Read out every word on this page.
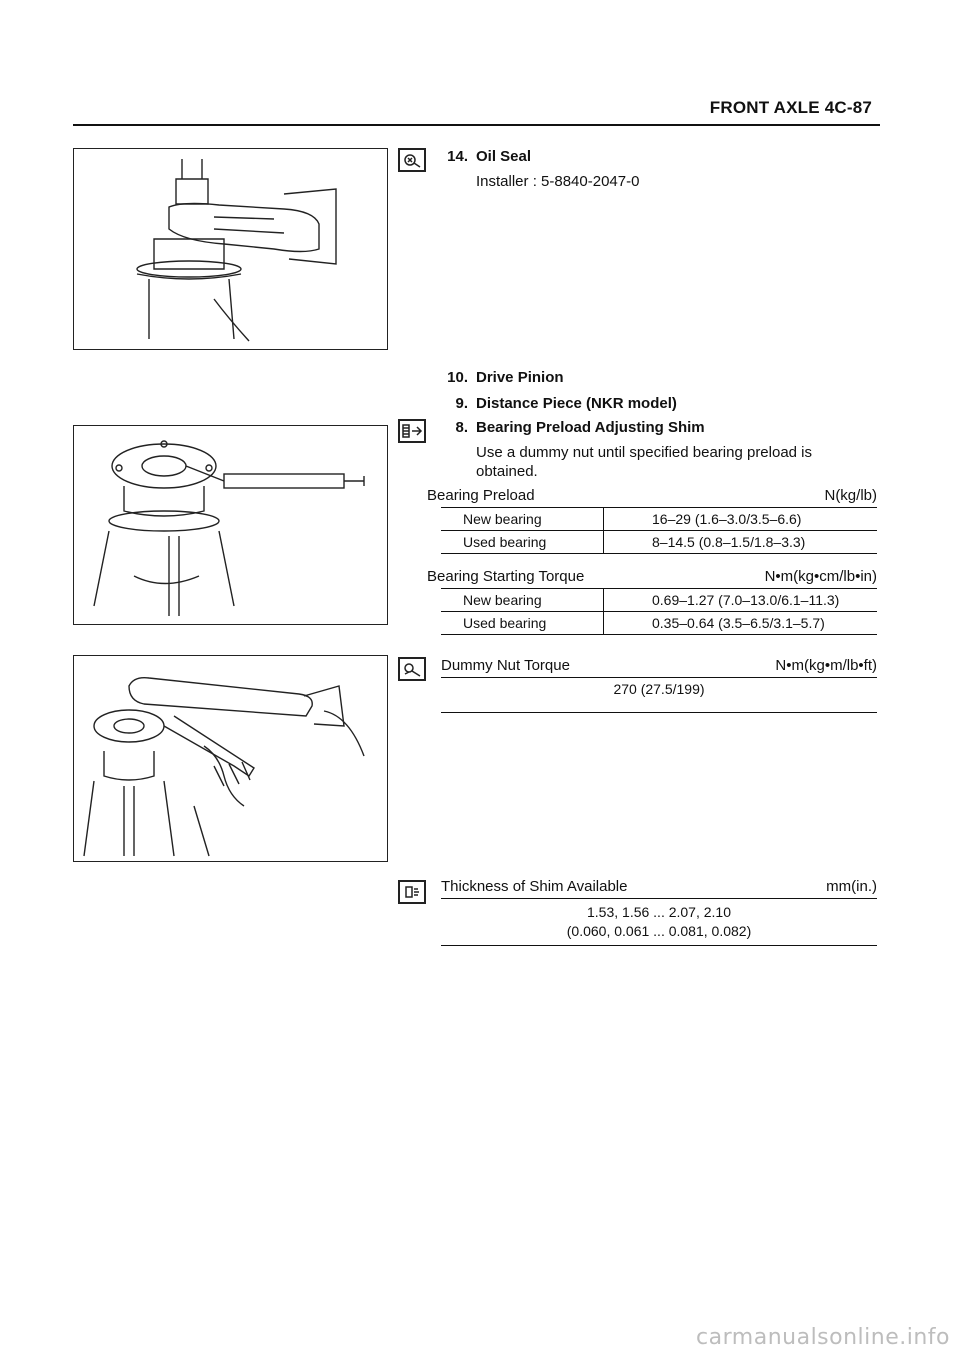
FRONT AXLE 4C-87
14. Oil Seal
Installer : 5-8840-2047-0
10. Drive Pinion
9. Distance Piece (NKR model)
8. Bearing Preload Adjusting Shim
Use a dummy nut until specified bearing preload is
obtained.
Bearing Preload	N(kg/lb)
New bearing	16–29 (1.6–3.0/3.5–6.6)
Used bearing	8–14.5 (0.8–1.5/1.8–3.3)
Bearing Starting Torque	N•m(kg•cm/lb•in)
New bearing	0.69–1.27 (7.0–13.0/6.1–11.3)
Used bearing	0.35–0.64 (3.5–6.5/3.1–5.7)
Dummy Nut Torque	N•m(kg•m/lb•ft)
270 (27.5/199)
Thickness of Shim Available	mm(in.)
1.53, 1.56 ... 2.07, 2.10
(0.060, 0.061 ... 0.081, 0.082)
carmanualsonline.info
